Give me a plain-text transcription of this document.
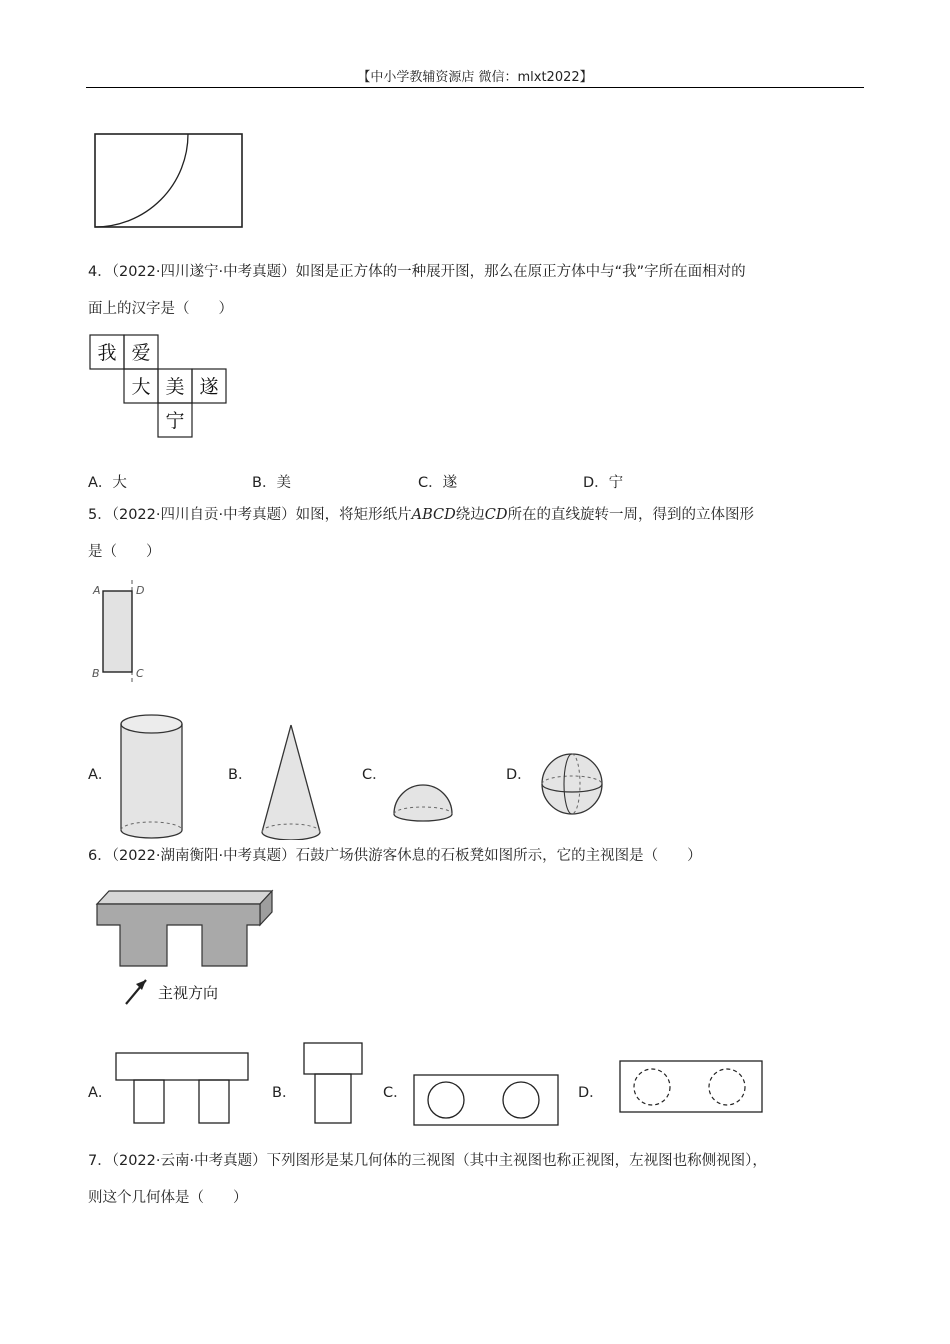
【中小学教辅资源店 微信：mlxt2022】
4．（2022·四川遂宁·中考真题）如图是正方体的一种展开图，那么在原正方体中与“我”字所在面相对的
面上的汉字是（　　）
我 爱
大 美 遂
宁
A．大	B．美	C．遂	D．宁
5．（2022·四川自贡·中考真题）如图，将矩形纸片ABCD绕边CD所在的直线旋转一周，得到的立体图形
是（　　）
A	D
B	C
A．	B．	C．	D．
6．（2022·湖南衡阳·中考真题）石鼓广场供游客休息的石板凳如图所示，它的主视图是（　　）
主视方向
A．	B．	C．	D．
7．（2022·云南·中考真题）下列图形是某几何体的三视图（其中主视图也称正视图，左视图也称侧视图），
则这个几何体是（　　）
